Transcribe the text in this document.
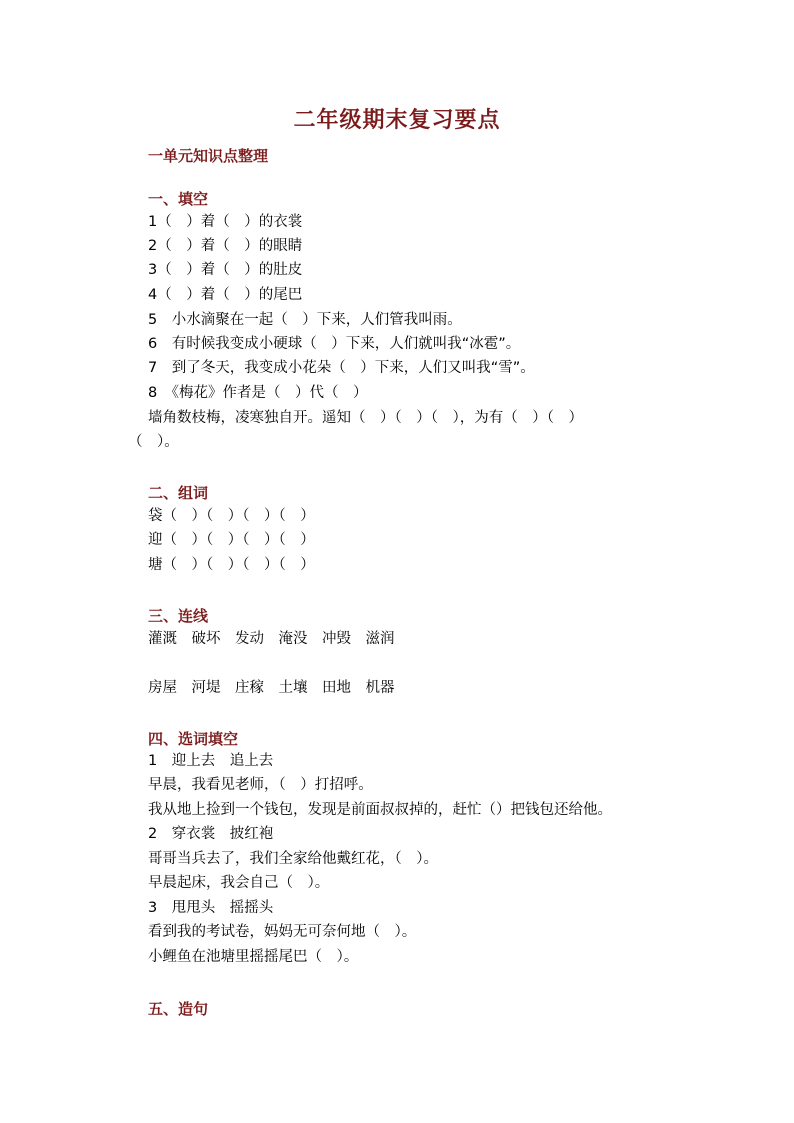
二年级期末复习要点
一单元知识点整理
一、填空
1（　）着（　）的衣裳
2（　）着（　）的眼睛
3（　）着（　）的肚皮
4（　）着（　）的尾巴
5　小水滴聚在一起（　）下来，人们管我叫雨。
6　有时候我变成小硬球（　）下来，人们就叫我“冰雹”。
7　到了冬天，我变成小花朵（　）下来，人们又叫我“雪”。
8　《梅花》作者是（　）代（　）
墙角数枝梅，凌寒独自开。遥知（　）（　）（　），为有（　）（　）
（　）。
二、组词
袋（　）（　）（　）（　）
迎（　）（　）（　）（　）
塘（　）（　）（　）（　）
三、连线
灌溉　破坏　发动　淹没　冲毁　滋润
房屋　河堤　庄稼　土壤　田地　机器
四、选词填空
1　迎上去　追上去
早晨，我看见老师，（　）打招呼。
我从地上捡到一个钱包，发现是前面叔叔掉的，赶忙（）把钱包还给他。
2　穿衣裳　披红袍
哥哥当兵去了，我们全家给他戴红花，（　）。
早晨起床，我会自己（　）。
3　甩甩头　摇摇头
看到我的考试卷，妈妈无可奈何地（　）。
小鲤鱼在池塘里摇摇尾巴（　）。
五、造句
